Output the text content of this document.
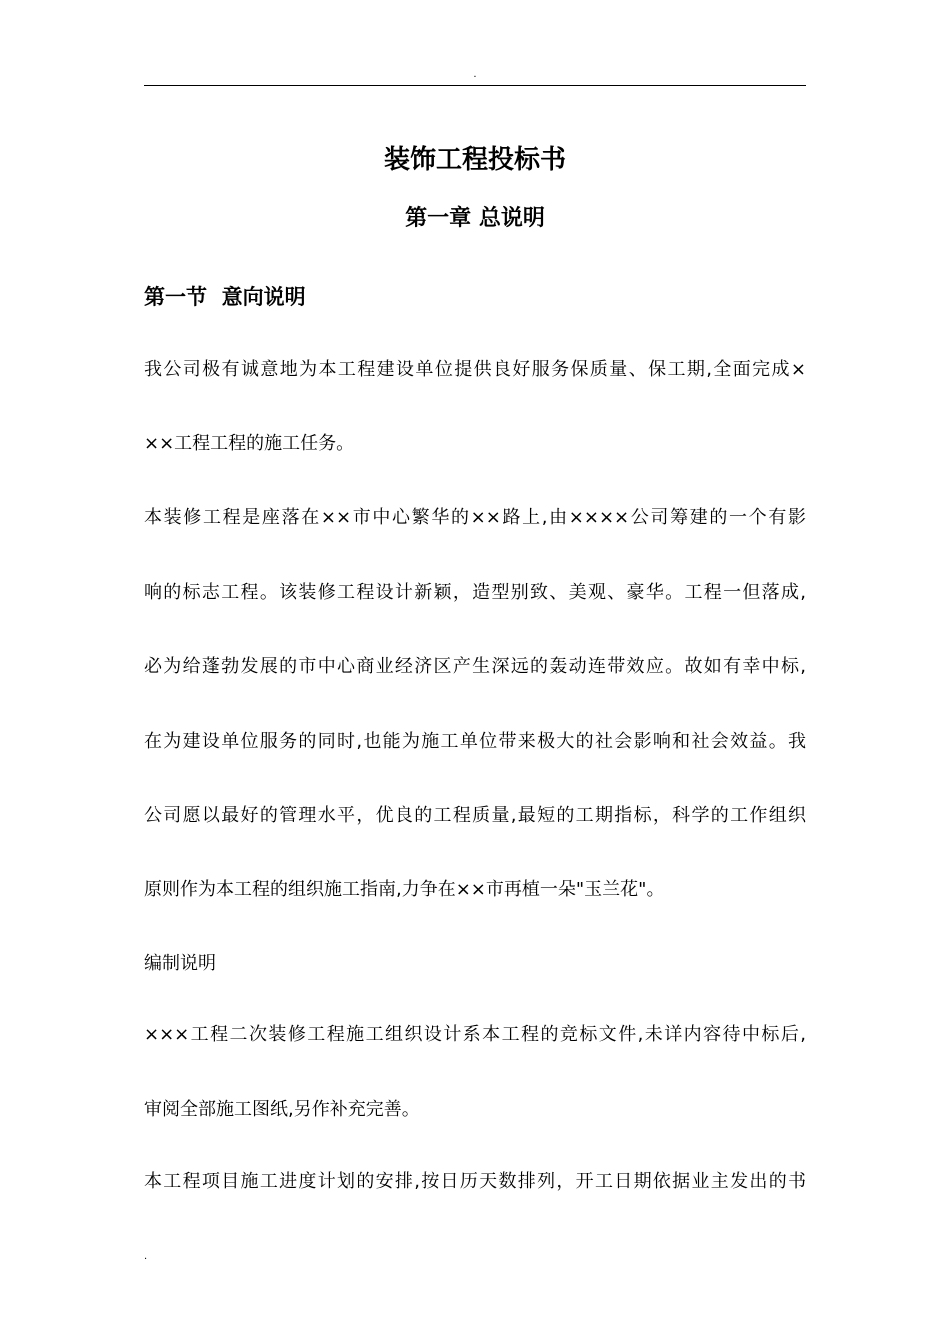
.
装饰工程投标书
第一章 总说明
第一节  意向说明
我公司极有诚意地为本工程建设单位提供良好服务保质量、保工期,全面完成×
××工程工程的施工任务。
本装修工程是座落在××市中心繁华的××路上,由××××公司筹建的一个有影
响的标志工程。该装修工程设计新颖，造型别致、美观、豪华。工程一但落成,
必为给蓬勃发展的市中心商业经济区产生深远的轰动连带效应。故如有幸中标,
在为建设单位服务的同时,也能为施工单位带来极大的社会影响和社会效益。我
公司愿以最好的管理水平，优良的工程质量,最短的工期指标，科学的工作组织
原则作为本工程的组织施工指南,力争在××市再植一朵"玉兰花"。
编制说明
×××工程二次装修工程施工组织设计系本工程的竞标文件,未详内容待中标后,
审阅全部施工图纸,另作补充完善。
本工程项目施工进度计划的安排,按日历天数排列，开工日期依据业主发出的书
.
